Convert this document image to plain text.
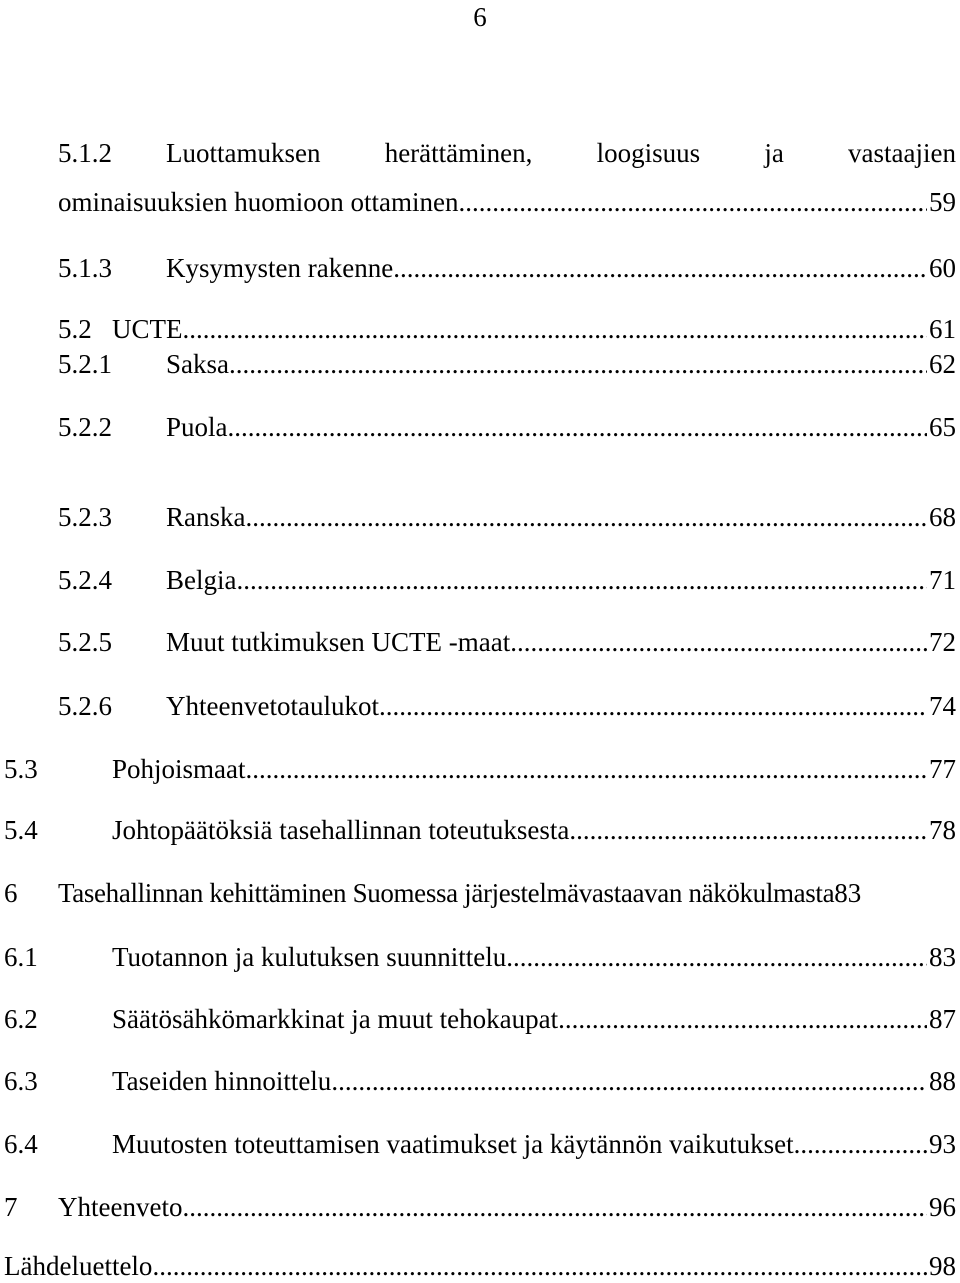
6
5.1.2 Luottamuksen herättäminen, loogisuus ja vastaajien
ominaisuuksien huomioon ottaminen .....	59
5.1.3 Kysymysten rakenne .....	60
5.2 UCTE .....	61
5.2.1 Saksa .....	62
5.2.2 Puola .....	65
5.2.3 Ranska .....	68
5.2.4 Belgia .....	71
5.2.5 Muut tutkimuksen UCTE -maat .....	72
5.2.6 Yhteenvetotaulukot .....	74
5.3	Pohjoismaat .....	77
5.4	Johtopäätöksiä tasehallinnan toteutuksesta .....	78
6 Tasehallinnan kehittäminen Suomessa järjestelmävastaavan näkökulmasta 83
6.1	Tuotannon ja kulutuksen suunnittelu .....	83
6.2	Säätösähkömarkkinat ja muut tehokaupat .....	87
6.3	Taseiden hinnoittelu .....	88
6.4	Muutosten toteuttamisen vaatimukset ja käytännön vaikutukset .....	93
7 Yhteenveto .....	96
Lähdeluettelo .....	98
